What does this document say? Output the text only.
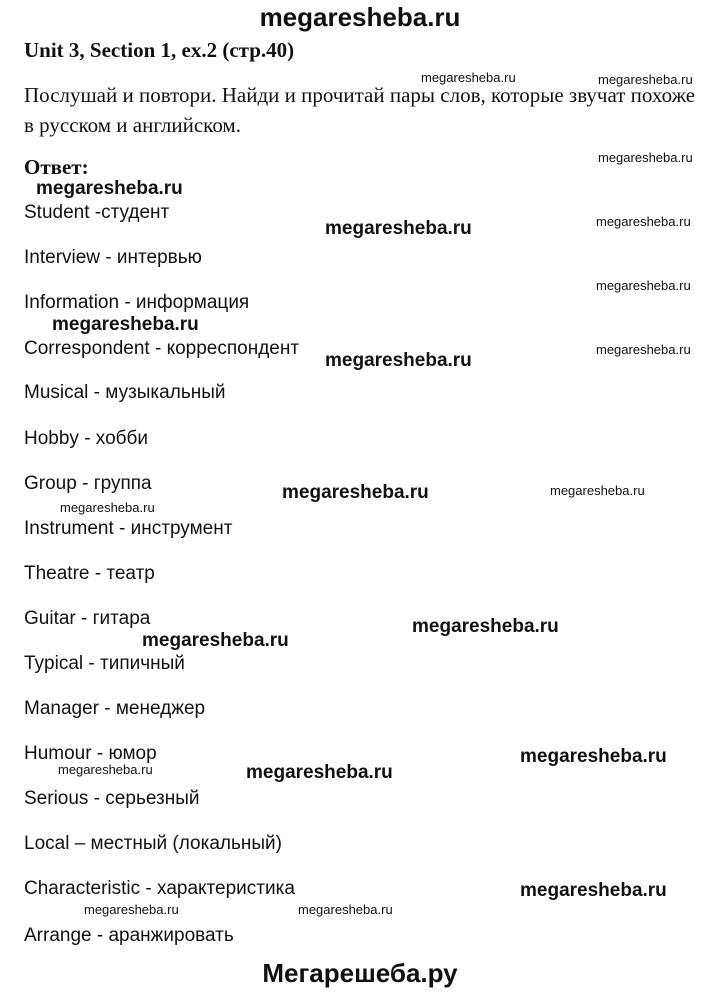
megaresheba.ru
Unit 3, Section 1, ex.2 (стр.40)
Послушай и повтори. Найди и прочитай пары слов, которые звучат похоже в русском и английском.
Ответ:
Student -студент
Interview - интервью
Information - информация
Correspondent - корреспондент
Musical - музыкальный
Hobby - хобби
Group - группа
Instrument - инструмент
Theatre - театр
Guitar - гитара
Typical - типичный
Manager - менеджер
Humour - юмор
Serious - серьезный
Local – местный (локальный)
Characteristic - характеристика
Arrange - аранжировать
megaresheba.ru
megaresheba.ru
megaresheba.ru
megaresheba.ru
megaresheba.ru
megaresheba.ru
megaresheba.ru
megaresheba.ru
megaresheba.ru
megaresheba.ru
megaresheba.ru	megaresheba.ru
megaresheba.ru
megaresheba.ru
megaresheba.ru
megaresheba.ru
megaresheba.ru
megaresheba.ru
megaresheba.ru
megaresheba.ru	megaresheba.ru
Мегарешеба.ру
